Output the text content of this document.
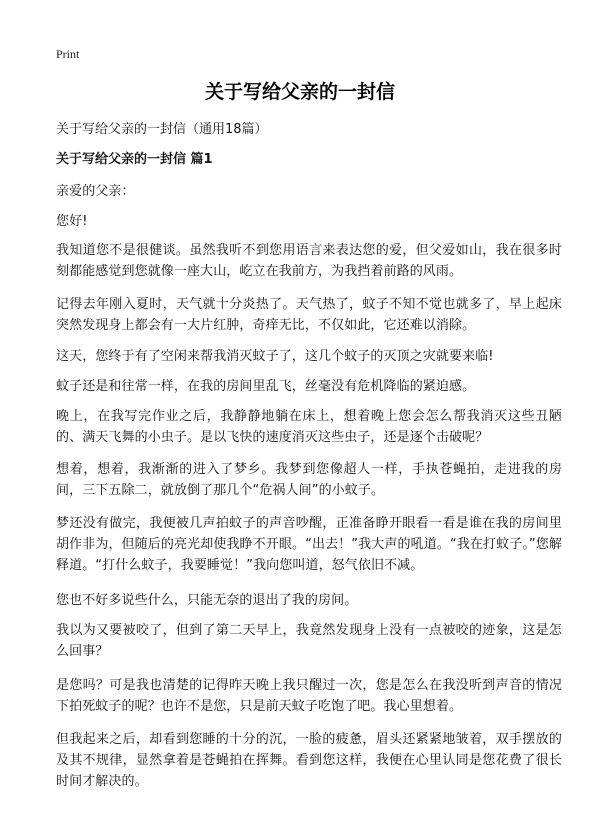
Print
关于写给父亲的一封信
关于写给父亲的一封信（通用18篇）
关于写给父亲的一封信 篇1

亲爱的父亲：

您好!

我知道您不是很健谈。虽然我听不到您用语言来表达您的爱，但父爱如山，我在很多时刻都能感觉到您就像一座大山，屹立在我前方，为我挡着前路的风雨。

记得去年刚入夏时，天气就十分炎热了。天气热了，蚊子不知不觉也就多了，早上起床突然发现身上都会有一大片红肿，奇痒无比，不仅如此，它还难以消除。

这天，您终于有了空闲来帮我消灭蚊子了，这几个蚊子的灭顶之灾就要来临!

蚊子还是和往常一样，在我的房间里乱飞，丝毫没有危机降临的紧迫感。

晚上，在我写完作业之后，我静静地躺在床上，想着晚上您会怎么帮我消灭这些丑陋的、满天飞舞的小虫子。是以飞快的速度消灭这些虫子，还是逐个击破呢？

想着，想着，我渐渐的进入了梦乡。我梦到您像超人一样，手执苍蝇拍，走进我的房间，三下五除二，就放倒了那几个“危祸人间”的小蚊子。

梦还没有做完，我便被几声拍蚊子的声音吵醒，正准备睁开眼看一看是谁在我的房间里胡作非为，但随后的亮光却使我睁不开眼。“出去！”我大声的吼道。“我在打蚊子。”您解释道。“打什么蚊子，我要睡觉！”我向您叫道，怒气依旧不减。

您也不好多说些什么，只能无奈的退出了我的房间。

我以为又要被咬了，但到了第二天早上，我竟然发现身上没有一点被咬的迹象，这是怎么回事？

是您吗？可是我也清楚的记得昨天晚上我只醒过一次，您是怎么在我没听到声音的情况下拍死蚊子的呢？也许不是您，只是前天蚊子吃饱了吧。我心里想着。

但我起来之后，却看到您睡的十分的沉，一脸的疲惫，眉头还紧紧地皱着，双手摆放的及其不规律，显然拿着是苍蝇拍在挥舞。看到您这样，我便在心里认同是您花费了很长时间才解决的。
